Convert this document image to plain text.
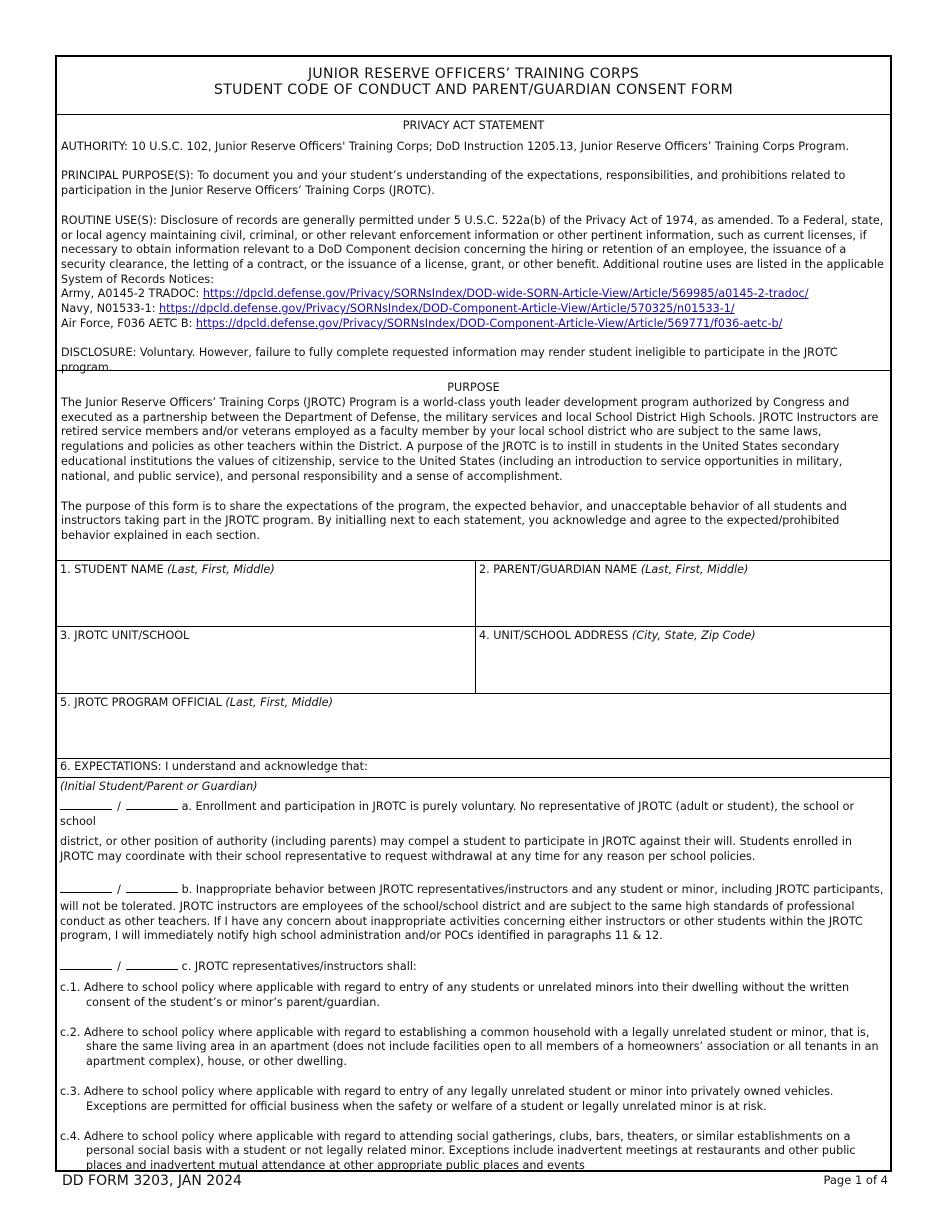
JUNIOR RESERVE OFFICERS’ TRAINING CORPS
STUDENT CODE OF CONDUCT AND PARENT/GUARDIAN CONSENT FORM
PRIVACY ACT STATEMENT

AUTHORITY: 10 U.S.C. 102, Junior Reserve Officers' Training Corps; DoD Instruction 1205.13, Junior Reserve Officers’ Training Corps Program.

PRINCIPAL PURPOSE(S): To document you and your student’s understanding of the expectations, responsibilities, and prohibitions related to participation in the Junior Reserve Officers’ Training Corps (JROTC).

ROUTINE USE(S): Disclosure of records are generally permitted under 5 U.S.C. 522a(b) of the Privacy Act of 1974, as amended. To a Federal, state, or local agency maintaining civil, criminal, or other relevant enforcement information or other pertinent information, such as current licenses, if necessary to obtain information relevant to a DoD Component decision concerning the hiring or retention of an employee, the issuance of a security clearance, the letting of a contract, or the issuance of a license, grant, or other benefit. Additional routine uses are listed in the applicable System of Records Notices:

Army, A0145-2 TRADOC: https://dpcld.defense.gov/Privacy/SORNsIndex/DOD-wide-SORN-Article-View/Article/569985/a0145-2-tradoc/

Navy, N01533-1: https://dpcld.defense.gov/Privacy/SORNsIndex/DOD-Component-Article-View/Article/570325/n01533-1/

Air Force, F036 AETC B: https://dpcld.defense.gov/Privacy/SORNsIndex/DOD-Component-Article-View/Article/569771/f036-aetc-b/

DISCLOSURE: Voluntary. However, failure to fully complete requested information may render student ineligible to participate in the JROTC program.

PURPOSE

The Junior Reserve Officers’ Training Corps (JROTC) Program is a world-class youth leader development program authorized by Congress and executed as a partnership between the Department of Defense, the military services and local School District High Schools. JROTC Instructors are retired service members and/or veterans employed as a faculty member by your local school district who are subject to the same laws, regulations and policies as other teachers within the District. A purpose of the JROTC is to instill in students in the United States secondary educational institutions the values of citizenship, service to the United States (including an introduction to service opportunities in military, national, and public service), and personal responsibility and a sense of accomplishment.

The purpose of this form is to share the expectations of the program, the expected behavior, and unacceptable behavior of all students and instructors taking part in the JROTC program. By initialling next to each statement, you acknowledge and agree to the expected/prohibited behavior explained in each section.

1. STUDENT NAME (Last, First, Middle)	2. PARENT/GUARDIAN NAME (Last, First, Middle)
3. JROTC UNIT/SCHOOL	4. UNIT/SCHOOL ADDRESS (City, State, Zip Code)
5. JROTC PROGRAM OFFICIAL (Last, First, Middle)
6. EXPECTATIONS: I understand and acknowledge that:
(Initial Student/Parent or Guardian)

/	a. Enrollment and participation in JROTC is purely voluntary. No representative of JROTC (adult or student), the school or school

district, or other position of authority (including parents) may compel a student to participate in JROTC against their will. Students enrolled in JROTC may coordinate with their school representative to request withdrawal at any time for any reason per school policies.

/	b. Inappropriate behavior between JROTC representatives/instructors and any student or minor, including JROTC participants,

will not be tolerated. JROTC instructors are employees of the school/school district and are subject to the same high standards of professional conduct as other teachers. If I have any concern about inappropriate activities concerning either instructors or other students within the JROTC program, I will immediately notify high school administration and/or POCs identified in paragraphs 11 & 12.

/	c. JROTC representatives/instructors shall:

c.1. Adhere to school policy where applicable with regard to entry of any students or unrelated minors into their dwelling without the written consent of the student’s or minor’s parent/guardian.

c.2. Adhere to school policy where applicable with regard to establishing a common household with a legally unrelated student or minor, that is, share the same living area in an apartment (does not include facilities open to all members of a homeowners’ association or all tenants in an apartment complex), house, or other dwelling.

c.3. Adhere to school policy where applicable with regard to entry of any legally unrelated student or minor into privately owned vehicles. Exceptions are permitted for official business when the safety or welfare of a student or legally unrelated minor is at risk.

c.4. Adhere to school policy where applicable with regard to attending social gatherings, clubs, bars, theaters, or similar establishments on a personal social basis with a student or not legally related minor. Exceptions include inadvertent meetings at restaurants and other public places and inadvertent mutual attendance at other appropriate public places and events

DD FORM 3203, JAN 2024	Page 1 of 4
